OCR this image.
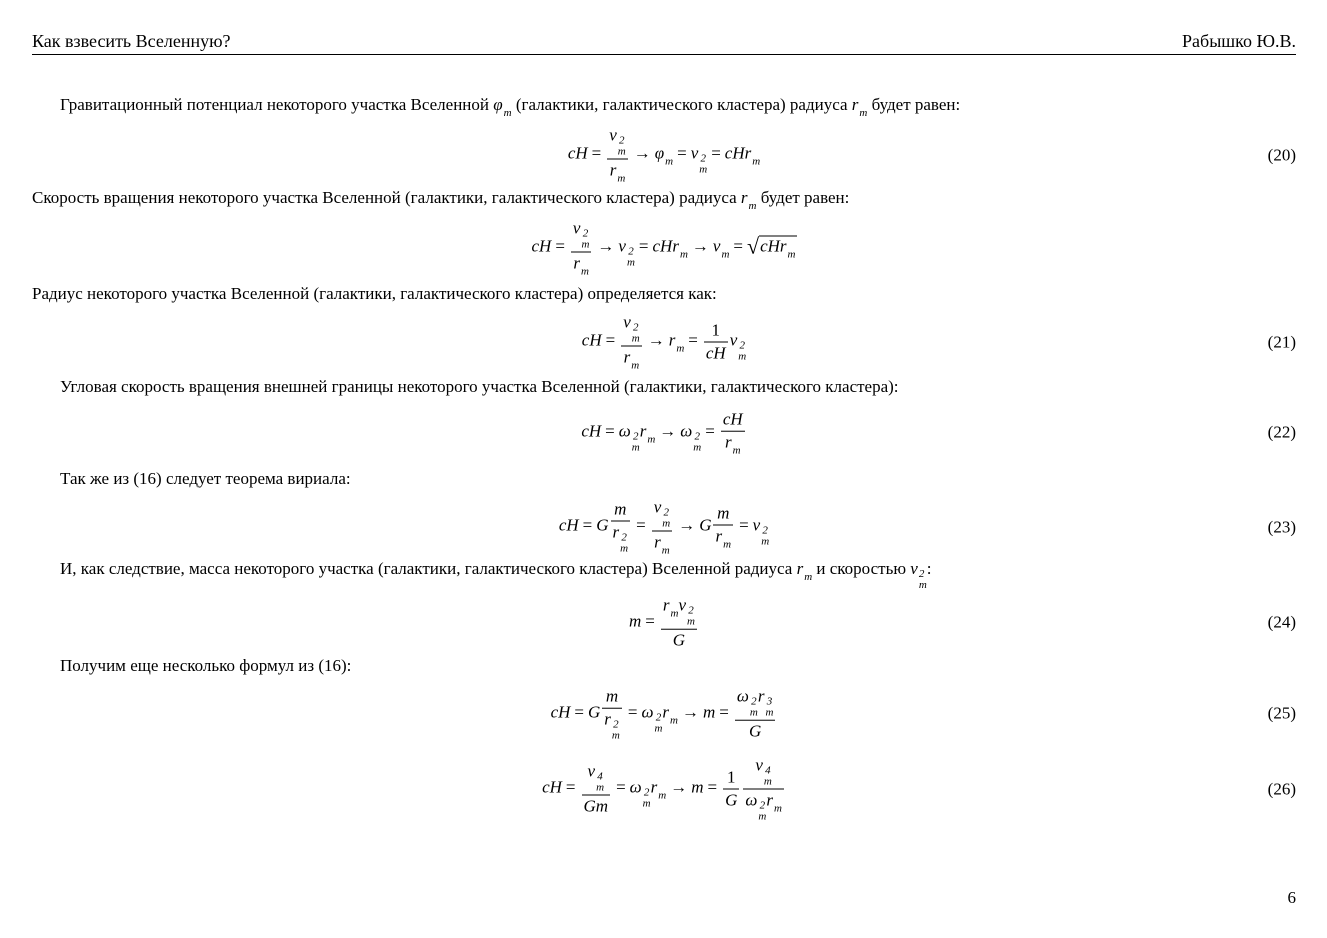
Как взвесить Вселенную?	Рабышко Ю.В.
Гравитационный потенциал некоторого участка Вселенной φ m (галактики, галактического кластера) радиуса r m будет равен:
cH = v 2
m
r m → φ m = v 2
m
= cHr m	(20)
Скорость вращения некоторого участка Вселенной (галактики, галактического кластера) радиуса r m будет равен:
cH = v 2
m
r m → v 2
m
= cHr m → v m = √cHr m
Радиус некоторого участка Вселенной (галактики, галактического кластера) определяется как:
cH = v 2
m
r m → r $m = \frac{1}{cH}$ v 2
m
(21)
Угловая скорость вращения внешней границы некоторого участка Вселенной (галактики, галактического кластера):
cH = ω 2
m
r m → ω 2
m
= $\frac{cH}{\text{r m}}$	(22)
Так же из (16) следует теорема вириала:
cH = G m
r 2
m = v 2
m
r m → G $\frac{m}{\text{r m}} = v$ 2
m
(23)
И, как следствие, масса некоторого участка (галактики, галактического кластера) Вселенной радиуса r m и скоростью v 2
m
:
m = r m v 2
m
G	(24)
Получим еще несколько формул из (16):
cH = G m
r 2
m = ω 2
m
r m → m = ω 2
m
r 3
m
G	(25)
cH = v 4
m
Gm = ω 2
m
r $m \to m = \frac{1}{G}$ v 4
m
ω 2
m
r m	(26)
6
